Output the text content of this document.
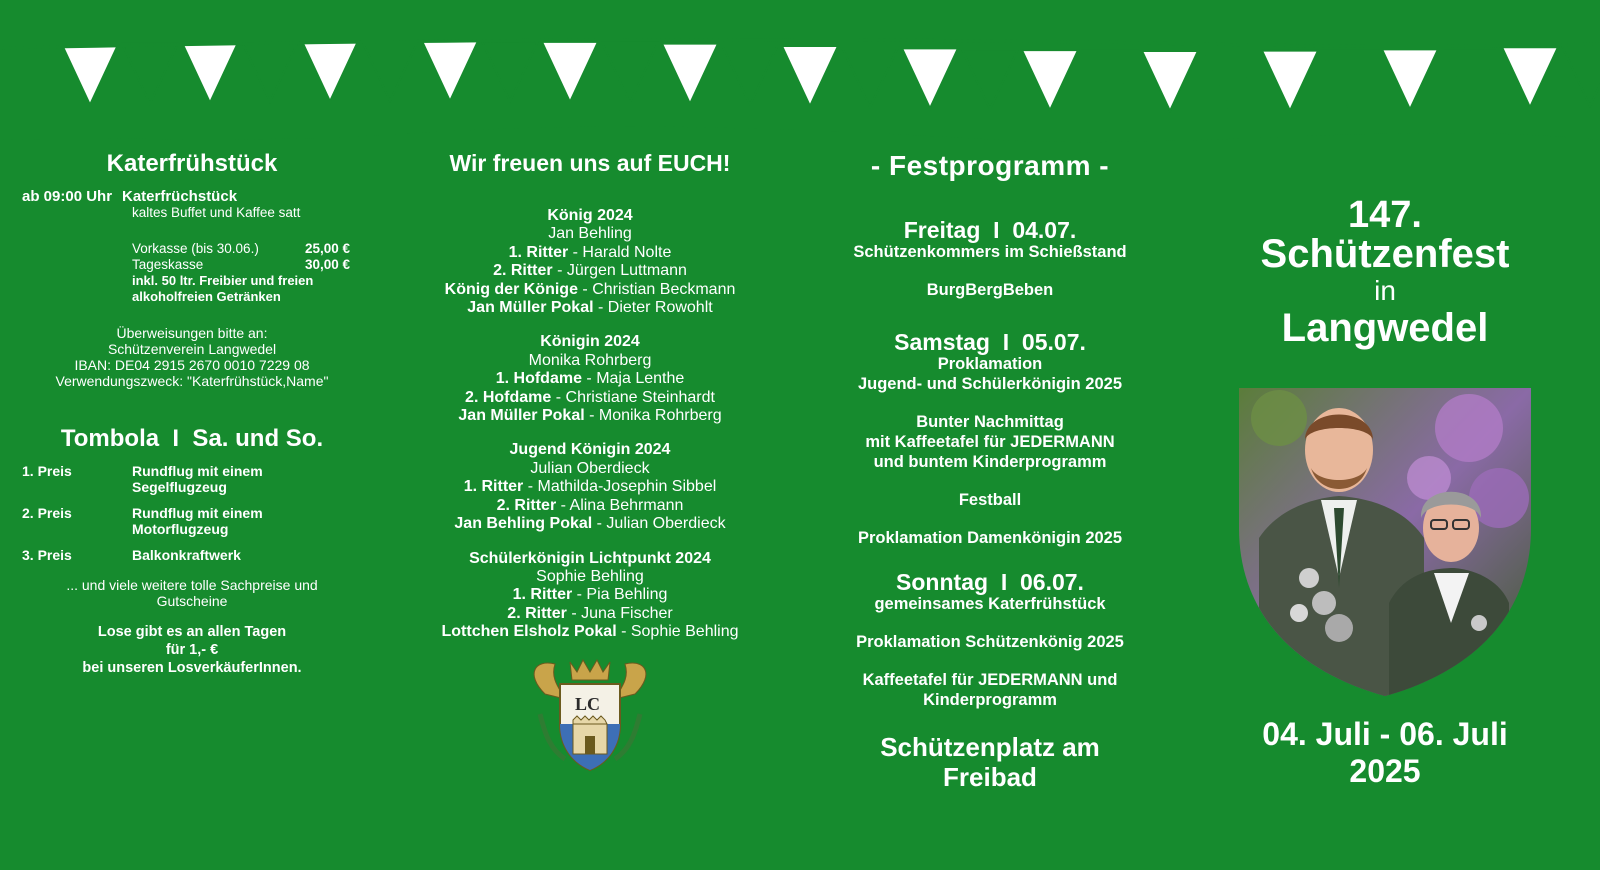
Katerfrühstück

ab 09:00 Uhr Katerfrüchstück
kaltes Buffet und Kaffee satt
Vorkasse (bis 30.06.)	25,00 €
Tageskasse	30,00 €
inkl. 50 ltr. Freibier und freien
alkoholfreien Getränken
Überweisungen bitte an:
Schützenverein Langwedel
IBAN: DE04 2915 2670 0010 7229 08
Verwendungszweck: "Katerfrühstück,Name"

Tombola  I  Sa. und So.

1. Preis	Rundflug mit einem
Segelflugzeug
2. Preis	Rundflug mit einem
Motorflugzeug
3. Preis	Balkonkraftwerk
... und viele weitere tolle Sachpreise und
Gutscheine
Lose gibt es an allen Tagen
für 1,- €
bei unseren LosverkäuferInnen.

Wir freuen uns auf EUCH!

König 2024
Jan Behling
1. Ritter - Harald Nolte
2. Ritter - Jürgen Luttmann
König der Könige - Christian Beckmann
Jan Müller Pokal - Dieter Rowohlt
Königin 2024
Monika Rohrberg
1. Hofdame - Maja Lenthe
2. Hofdame - Christiane Steinhardt
Jan Müller Pokal - Monika Rohrberg
Jugend Königin 2024
Julian Oberdieck
1. Ritter - Mathilda-Josephin Sibbel
2. Ritter - Alina Behrmann
Jan Behling Pokal - Julian Oberdieck
Schülerkönigin Lichtpunkt 2024
Sophie Behling
1. Ritter - Pia Behling
2. Ritter - Juna Fischer
Lottchen Elsholz Pokal - Sophie Behling
LC
- Festprogramm -
Freitag  I  04.07.
Schützenkommers im Schießstand
BurgBergBeben
Samstag  I  05.07.
Proklamation
Jugend- und Schülerkönigin 2025
Bunter Nachmittag
mit Kaffeetafel für JEDERMANN
und buntem Kinderprogramm
Festball
Proklamation Damenkönigin 2025
Sonntag  I  06.07.
gemeinsames Katerfrühstück
Proklamation Schützenkönig 2025
Kaffeetafel für JEDERMANN und
Kinderprogramm
Schützenplatz am
Freibad
147.
Schützenfest
in
Langwedel
04. Juli - 06. Juli
2025
